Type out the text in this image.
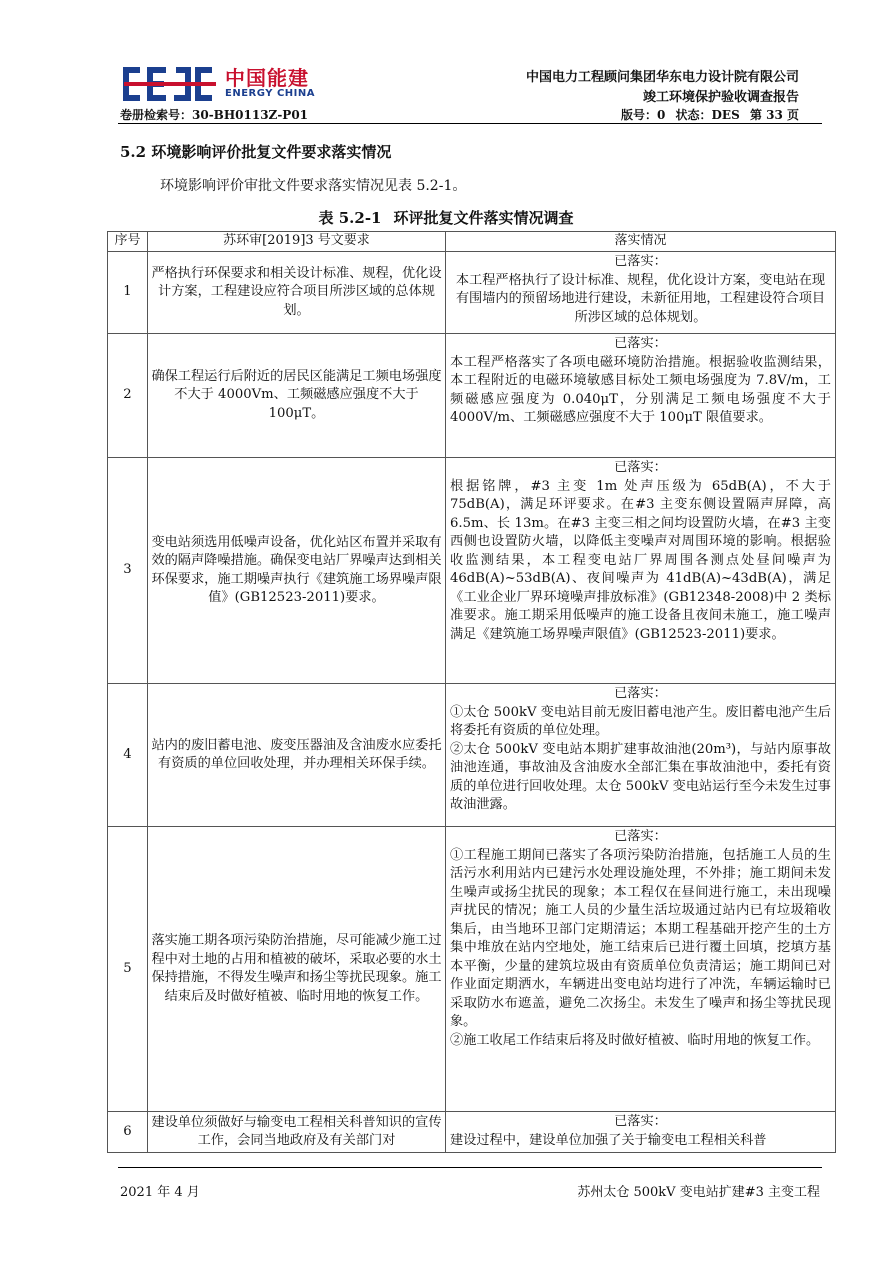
中国能建
ENERGY CHINA
中国电力工程顾问集团华东电力设计院有限公司
竣工环境保护验收调查报告
卷册检索号：30-BH0113Z-P01	版号：0 状态：DES 第 33 页
5.2 环境影响评价批复文件要求落实情况
环境影响评价审批文件要求落实情况见表 5.2-1。
表 5.2-1 环评批复文件落实情况调查
序号	苏环审[2019]3 号文要求	落实情况
1	严格执行环保要求和相关设计标准、规程，优化设计方案，工程建设应符合项目所涉区域的总体规划。	已落实：
本工程严格执行了设计标准、规程，优化设计方案，变电站在现有围墙内的预留场地进行建设，未新征用地，工程建设符合项目所涉区域的总体规划。

2	确保工程运行后附近的居民区能满足工频电场强度不大于 4000Vm、工频磁感应强度不大于 100μT。	已落实：
本工程严格落实了各项电磁环境防治措施。根据验收监测结果，本工程附近的电磁环境敏感目标处工频电场强度为 7.8V/m，工频磁感应强度为 0.040μT，分别满足工频电场强度不大于 4000V/m、工频磁感应强度不大于 100μT 限值要求。

3	变电站须选用低噪声设备，优化站区布置并采取有效的隔声降噪措施。确保变电站厂界噪声达到相关环保要求，施工期噪声执行《建筑施工场界噪声限值》(GB12523-2011)要求。	已落实：
根据铭牌，#3 主变 1m 处声压级为 65dB(A)，不大于 75dB(A)，满足环评要求。在#3 主变东侧设置隔声屏障，高 6.5m、长 13m。在#3 主变三相之间均设置防火墙，在#3 主变西侧也设置防火墙，以降低主变噪声对周围环境的影响。根据验收监测结果，本工程变电站厂界周围各测点处昼间噪声为 46dB(A)~53dB(A)、夜间噪声为 41dB(A)~43dB(A)，满足《工业企业厂界环境噪声排放标准》(GB12348-2008)中 2 类标准要求。施工期采用低噪声的施工设备且夜间未施工，施工噪声满足《建筑施工场界噪声限值》(GB12523-2011)要求。

4	站内的废旧蓄电池、废变压器油及含油废水应委托有资质的单位回收处理，并办理相关环保手续。	已落实：
①太仓 500kV 变电站目前无废旧蓄电池产生。废旧蓄电池产生后将委托有资质的单位处理。
②太仓 500kV 变电站本期扩建事故油池(20m³)，与站内原事故油池连通，事故油及含油废水全部汇集在事故油池中，委托有资质的单位进行回收处理。太仓 500kV 变电站运行至今未发生过事故油泄露。

5	落实施工期各项污染防治措施，尽可能减少施工过程中对土地的占用和植被的破坏，采取必要的水土保持措施，不得发生噪声和扬尘等扰民现象。施工结束后及时做好植被、临时用地的恢复工作。	已落实：
①工程施工期间已落实了各项污染防治措施，包括施工人员的生活污水利用站内已建污水处理设施处理，不外排；施工期间未发生噪声或扬尘扰民的现象；本工程仅在昼间进行施工，未出现噪声扰民的情况；施工人员的少量生活垃圾通过站内已有垃圾箱收集后，由当地环卫部门定期清运；本期工程基础开挖产生的土方集中堆放在站内空地处，施工结束后已进行覆土回填，挖填方基本平衡，少量的建筑垃圾由有资质单位负责清运；施工期间已对作业面定期洒水，车辆进出变电站均进行了冲洗，车辆运输时已采取防水布遮盖，避免二次扬尘。未发生了噪声和扬尘等扰民现象。
②施工收尾工作结束后将及时做好植被、临时用地的恢复工作。

6	建设单位须做好与输变电工程相关科普知识的宣传工作，会同当地政府及有关部门对	已落实：
建设过程中，建设单位加强了关于输变电工程相关科普
2021 年 4 月	苏州太仓 500kV 变电站扩建#3 主变工程
